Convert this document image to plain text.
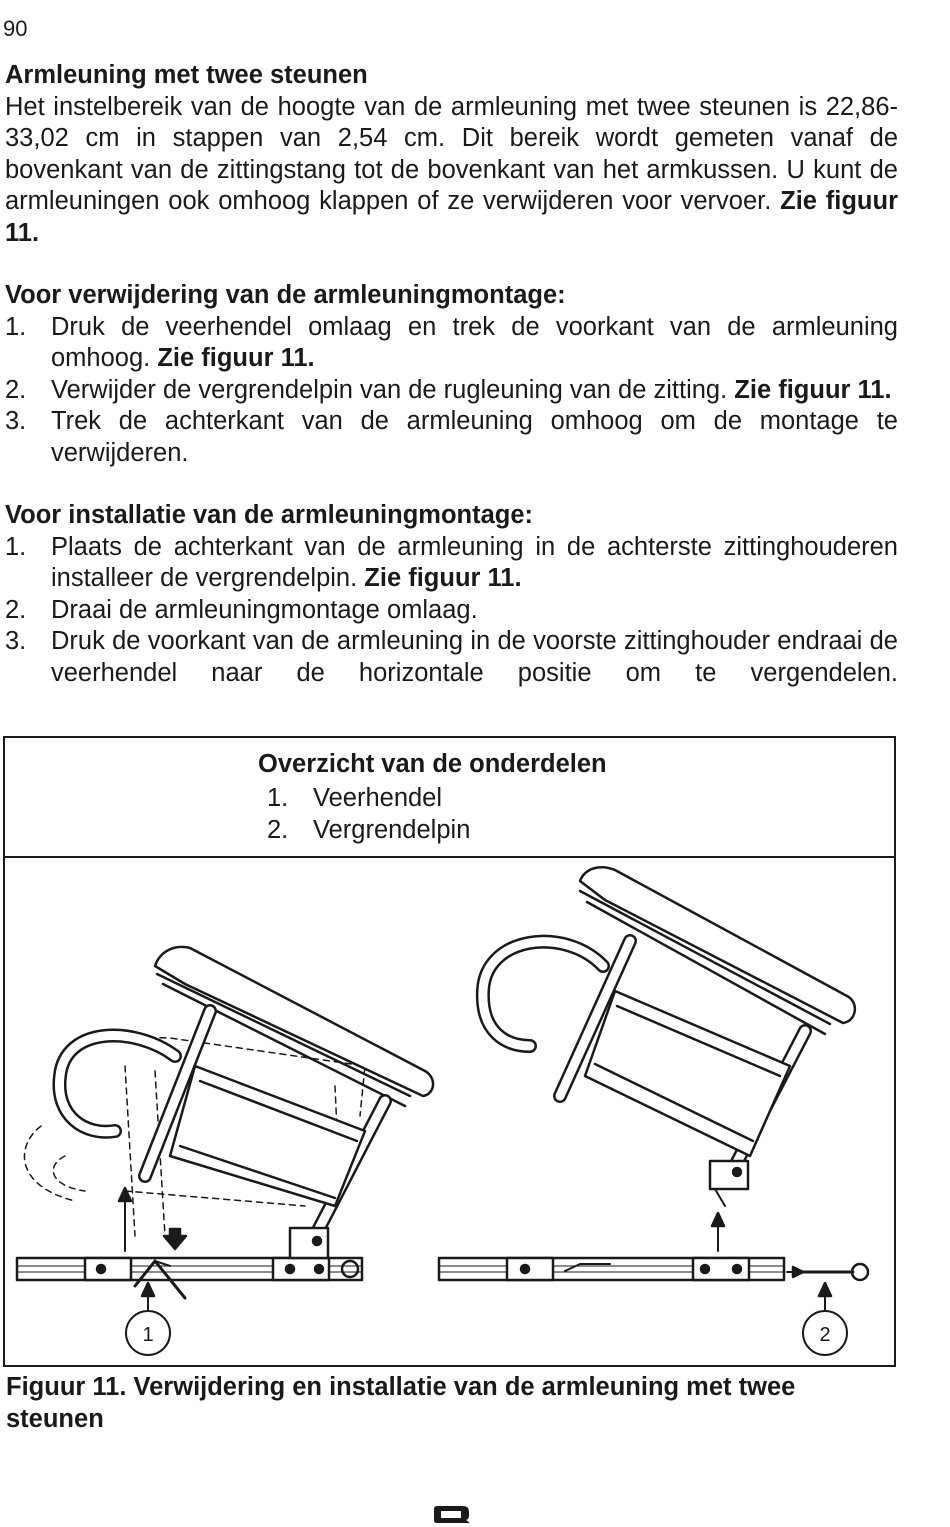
90

Armleuning met twee steunen

Het instelbereik van de hoogte van de armleuning met twee steunen is 22,86-33,02 cm in stappen van 2,54 cm. Dit bereik wordt gemeten vanaf de bovenkant van de zittingstang tot de bovenkant van het armkussen. U kunt de armleuningen ook omhoog klappen of ze verwijderen voor vervoer. Zie figuur 11.

Voor verwijdering van de armleuningmontage:

1. Druk de veerhendel omlaag en trek de voorkant van de armleuning omhoog. Zie figuur 11.
2. Verwijder de vergrendelpin van de rugleuning van de zitting. Zie figuur 11.
3. Trek de achterkant van de armleuning omhoog om de montage te verwijderen.

Voor installatie van de armleuningmontage:

1. Plaats de achterkant van de armleuning in de achterste zittinghouderen installeer de vergrendelpin. Zie figuur 11.
2. Draai de armleuningmontage omlaag.
3. Druk de voorkant van de armleuning in de voorste zittinghouder endraai de veerhendel naar de horizontale positie om te vergendelen.
Overzicht van de onderdelen
1. Veerhendel
2. Vergrendelpin
1	2
Figuur 11. Verwijdering en installatie van de armleuning met twee steunen
